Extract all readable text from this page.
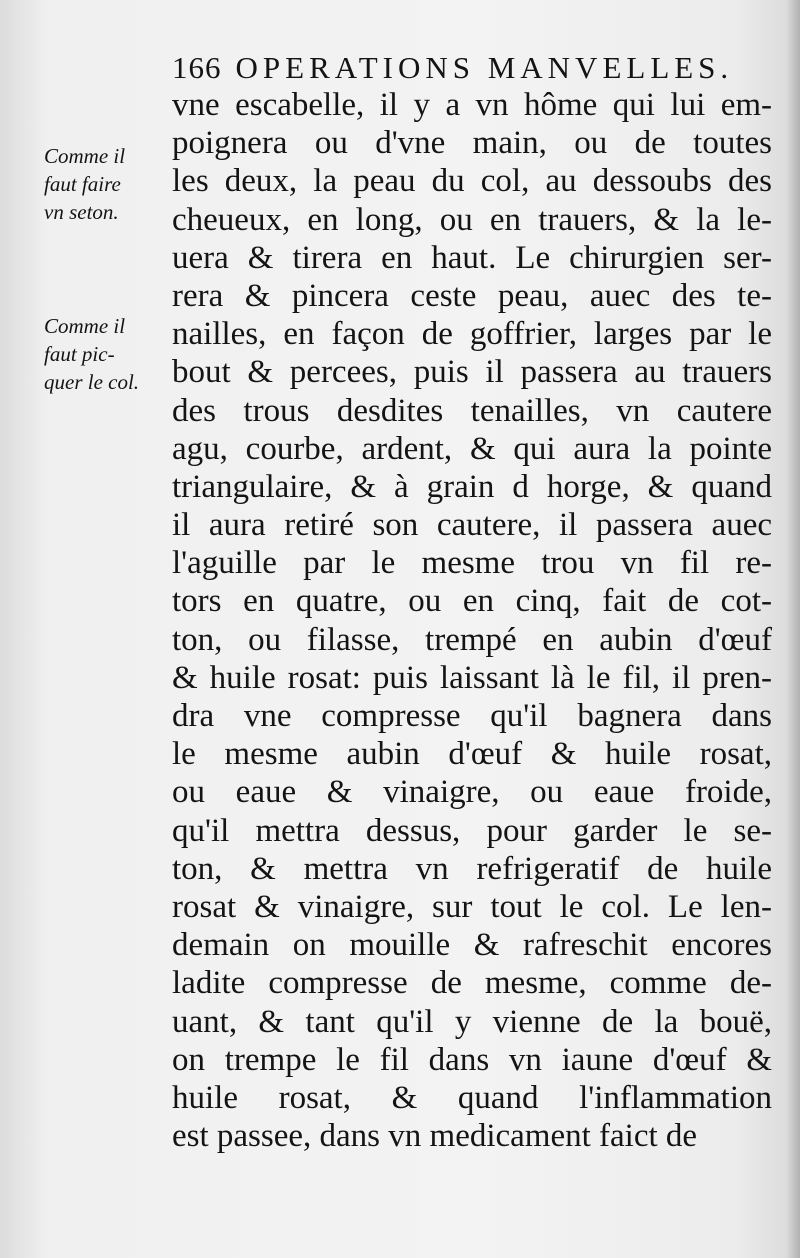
166 OPERATIONS MANVELLES.
Comme il
faut faire
vn seton.
Comme il
faut pic-
quer le col.
vne escabelle, il y a vn hôme qui lui em-
poignera ou d'vne main, ou de toutes
les deux, la peau du col, au dessoubs des
cheueux, en long, ou en trauers, & la le-
uera & tirera en haut. Le chirurgien ser-
rera & pincera ceste peau, auec des te-
nailles, en façon de goffrier, larges par le
bout & percees, puis il passera au trauers
des trous desdites tenailles, vn cautere
agu, courbe, ardent, & qui aura la pointe
triangulaire, & à grain d horge, & quand
il aura retiré son cautere, il passera auec
l'aguille par le mesme trou vn fil re-
tors en quatre, ou en cinq, fait de cot-
ton, ou filasse, trempé en aubin d'œuf
& huile rosat: puis laissant là le fil, il pren-
dra vne compresse qu'il bagnera dans
le mesme aubin d'œuf & huile rosat,
ou eaue & vinaigre, ou eaue froide,
qu'il mettra dessus, pour garder le se-
ton, & mettra vn refrigeratif de huile
rosat & vinaigre, sur tout le col. Le len-
demain on mouille & rafreschit encores
ladite compresse de mesme, comme de-
uant, & tant qu'il y vienne de la bouë,
on trempe le fil dans vn iaune d'œuf &
huile rosat, & quand l'inflammation
est passee, dans vn medicament faict de
